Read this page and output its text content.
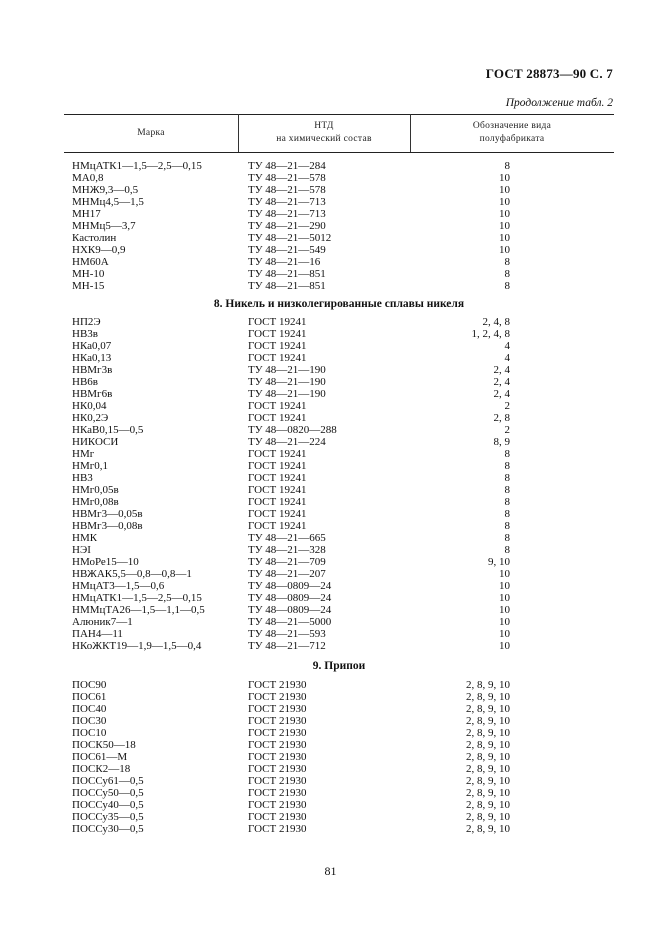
ГОСТ 28873—90 С. 7
Продолжение табл. 2
Марка
НТД
на химический состав
Обозначение вида
полуфабриката
НМцАТК1—1,5—2,5—0,15	ТУ 48—21—284	8
МА0,8	ТУ 48—21—578	10
МНЖ9,3—0,5	ТУ 48—21—578	10
МНМц4,5—1,5	ТУ 48—21—713	10
МН17	ТУ 48—21—713	10
МНМц5—3,7	ТУ 48—21—290	10
Кастолин	ТУ 48—21—5012	10
НХК9—0,9	ТУ 48—21—549	10
НМ60А	ТУ 48—21—16	8
МН-10	ТУ 48—21—851	8
МН-15	ТУ 48—21—851	8
8. Никель и низколегированные сплавы никеля
НП2Э	ГОСТ 19241	2, 4, 8
НВ3в	ГОСТ 19241	1, 2, 4, 8
НКа0,07	ГОСТ 19241	4
НКа0,13	ГОСТ 19241	4
НВМг3в	ТУ 48—21—190	2, 4
НВ6в	ТУ 48—21—190	2, 4
НВМг6в	ТУ 48—21—190	2, 4
НК0,04	ГОСТ 19241	2
НК0,2Э	ГОСТ 19241	2, 8
НКаВ0,15—0,5	ТУ 48—0820—288	2
НИКОСИ	ТУ 48—21—224	8, 9
НМг	ГОСТ 19241	8
НМг0,1	ГОСТ 19241	8
НВ3	ГОСТ 19241	8
НМг0,05в	ГОСТ 19241	8
НМг0,08в	ГОСТ 19241	8
НВМг3—0,05в	ГОСТ 19241	8
НВМг3—0,08в	ГОСТ 19241	8
НМК	ТУ 48—21—665	8
НЭI	ТУ 48—21—328	8
НМоРе15—10	ТУ 48—21—709	9, 10
НВЖАК5,5—0,8—0,8—1	ТУ 48—21—207	10
НМцАТ3—1,5—0,6	ТУ 48—0809—24	10
НМцАТК1—1,5—2,5—0,15	ТУ 48—0809—24	10
НММцТА26—1,5—1,1—0,5	ТУ 48—0809—24	10
Алюник7—1	ТУ 48—21—5000	10
ПАН4—11	ТУ 48—21—593	10
НКоЖКТ19—1,9—1,5—0,4	ТУ 48—21—712	10
9. Припои
ПОС90	ГОСТ 21930	2, 8, 9, 10
ПОС61	ГОСТ 21930	2, 8, 9, 10
ПОС40	ГОСТ 21930	2, 8, 9, 10
ПОС30	ГОСТ 21930	2, 8, 9, 10
ПОС10	ГОСТ 21930	2, 8, 9, 10
ПОСК50—18	ГОСТ 21930	2, 8, 9, 10
ПОС61—М	ГОСТ 21930	2, 8, 9, 10
ПОСК2—18	ГОСТ 21930	2, 8, 9, 10
ПОССу61—0,5	ГОСТ 21930	2, 8, 9, 10
ПОССу50—0,5	ГОСТ 21930	2, 8, 9, 10
ПОССу40—0,5	ГОСТ 21930	2, 8, 9, 10
ПОССу35—0,5	ГОСТ 21930	2, 8, 9, 10
ПОССу30—0,5	ГОСТ 21930	2, 8, 9, 10
81
